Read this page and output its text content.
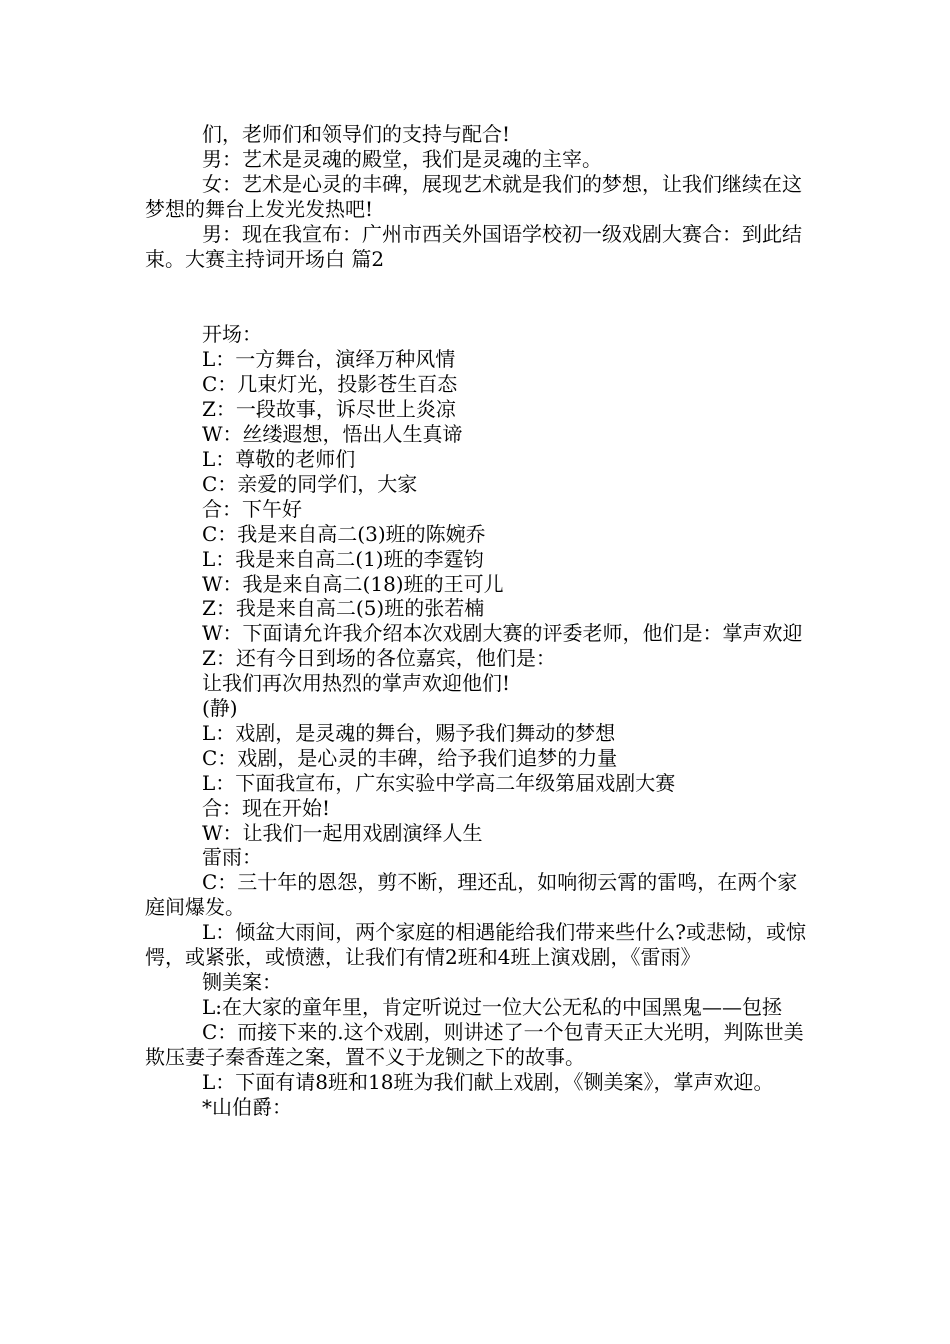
们，老师们和领导们的支持与配合!

男：艺术是灵魂的殿堂，我们是灵魂的主宰。

女：艺术是心灵的丰碑，展现艺术就是我们的梦想，让我们继续在这梦想的舞台上发光发热吧!

男：现在我宣布：广州市西关外国语学校初一级戏剧大赛合：到此结束。大赛主持词开场白 篇2

开场：

L：一方舞台，演绎万种风情

C：几束灯光，投影苍生百态

Z：一段故事，诉尽世上炎凉

W：丝缕遐想，悟出人生真谛

L：尊敬的老师们

C：亲爱的同学们，大家

合：下午好

C：我是来自高二(3)班的陈婉乔

L：我是来自高二(1)班的李霆钧

W：我是来自高二(18)班的王可儿

Z：我是来自高二(5)班的张若楠

W：下面请允许我介绍本次戏剧大赛的评委老师，他们是：掌声欢迎

Z：还有今日到场的各位嘉宾，他们是：

让我们再次用热烈的掌声欢迎他们!

(静)

L：戏剧，是灵魂的舞台，赐予我们舞动的梦想

C：戏剧，是心灵的丰碑，给予我们追梦的力量

L：下面我宣布，广东实验中学高二年级第届戏剧大赛

合：现在开始!

W：让我们一起用戏剧演绎人生

雷雨：

C：三十年的恩怨，剪不断，理还乱，如响彻云霄的雷鸣，在两个家庭间爆发。

L：倾盆大雨间，两个家庭的相遇能给我们带来些什么?或悲恸，或惊愕，或紧张，或愤懑，让我们有情2班和4班上演戏剧，《雷雨》

铡美案：

L:在大家的童年里，肯定听说过一位大公无私的中国黑鬼——包拯

C：而接下来的.这个戏剧，则讲述了一个包青天正大光明，判陈世美欺压妻子秦香莲之案，置不义于龙铡之下的故事。

L：下面有请8班和18班为我们献上戏剧，《铡美案》，掌声欢迎。

*山伯爵：
